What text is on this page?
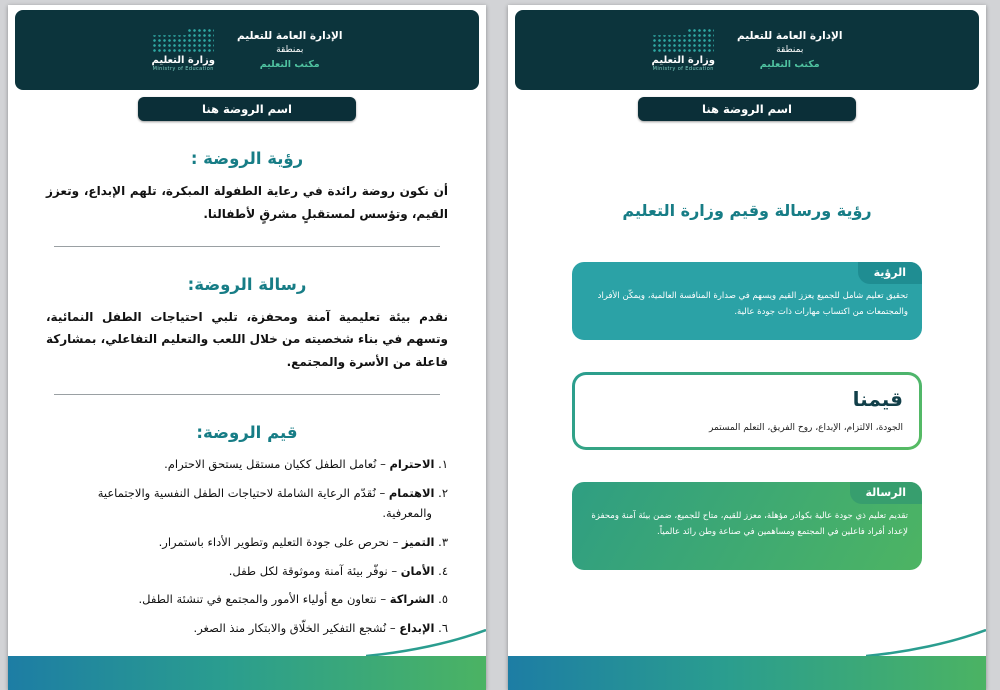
الإدارة العامة للتعليم
بمنطقة
مكتب التعليم
وزارة التعليم
Ministry of Education
اسم الروضة هنا
رؤية الروضة :

أن نكون روضة رائدة في رعاية الطفولة المبكرة، تلهم الإبداع، وتعزز القيم، وتؤسس لمستقبلٍ مشرقٍ لأطفالنا.

رسالة الروضة:

نقدم بيئة تعليمية آمنة ومحفزة، تلبي احتياجات الطفل النمائية، وتسهم في بناء شخصيته من خلال اللعب والتعليم التفاعلي، بمشاركة فاعلة من الأسرة والمجتمع.

قيم الروضة:
١. الاحترام – نُعامل الطفل ككيان مستقل يستحق الاحترام.
٢. الاهتمام – نُقدّم الرعاية الشاملة لاحتياجات الطفل النفسية والاجتماعية والمعرفية.
٣. التميز – نحرص على جودة التعليم وتطوير الأداء باستمرار.
٤. الأمان – نوفّر بيئة آمنة وموثوقة لكل طفل.
٥. الشراكة – نتعاون مع أولياء الأمور والمجتمع في تنشئة الطفل.
٦. الإبداع – نُشجع التفكير الخلّاق والابتكار منذ الصغر.
الإدارة العامة للتعليم
بمنطقة
مكتب التعليم
وزارة التعليم
Ministry of Education
اسم الروضة هنا
رؤية ورسالة وقيم وزارة التعليم
الرؤية

تحقيق تعليم شامل للجميع يعزز القيم ويسهم في صدارة المنافسة العالمية، ويمكّن الأفراد والمجتمعات من اكتساب مهارات ذات جودة عالية.

قيمنا

الجودة، الالتزام، الإبداع، روح الفريق، التعلم المستمر

الرسالة

تقديم تعليم ذي جودة عالية بكوادر مؤهلة، معزز للقيم، متاح للجميع، ضمن بيئة آمنة ومحفزة لإعداد أفراد فاعلين في المجتمع ومساهمين في صناعة وطن رائد عالمياً.
